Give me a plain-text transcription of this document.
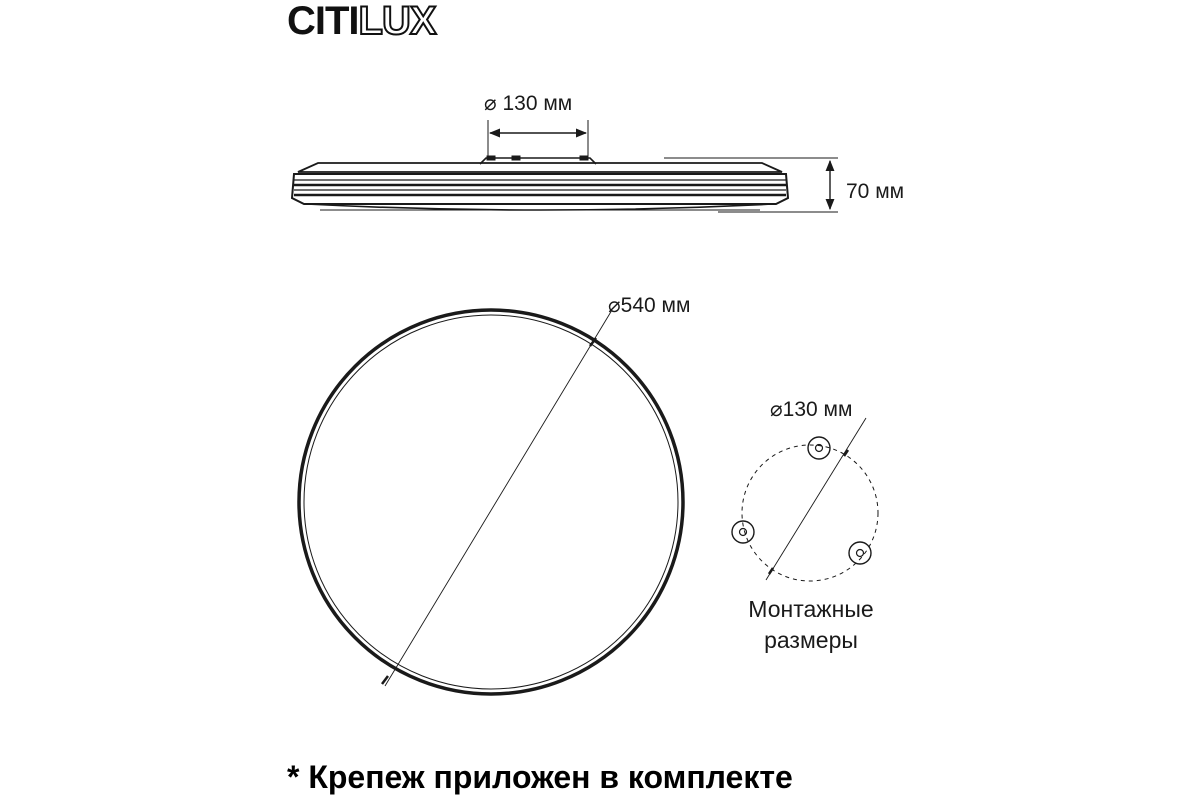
CITILUX
⌀ 130 мм
70 мм
⌀540 мм
⌀130 мм
Монтажные
размеры
* Крепеж приложен в комплекте
